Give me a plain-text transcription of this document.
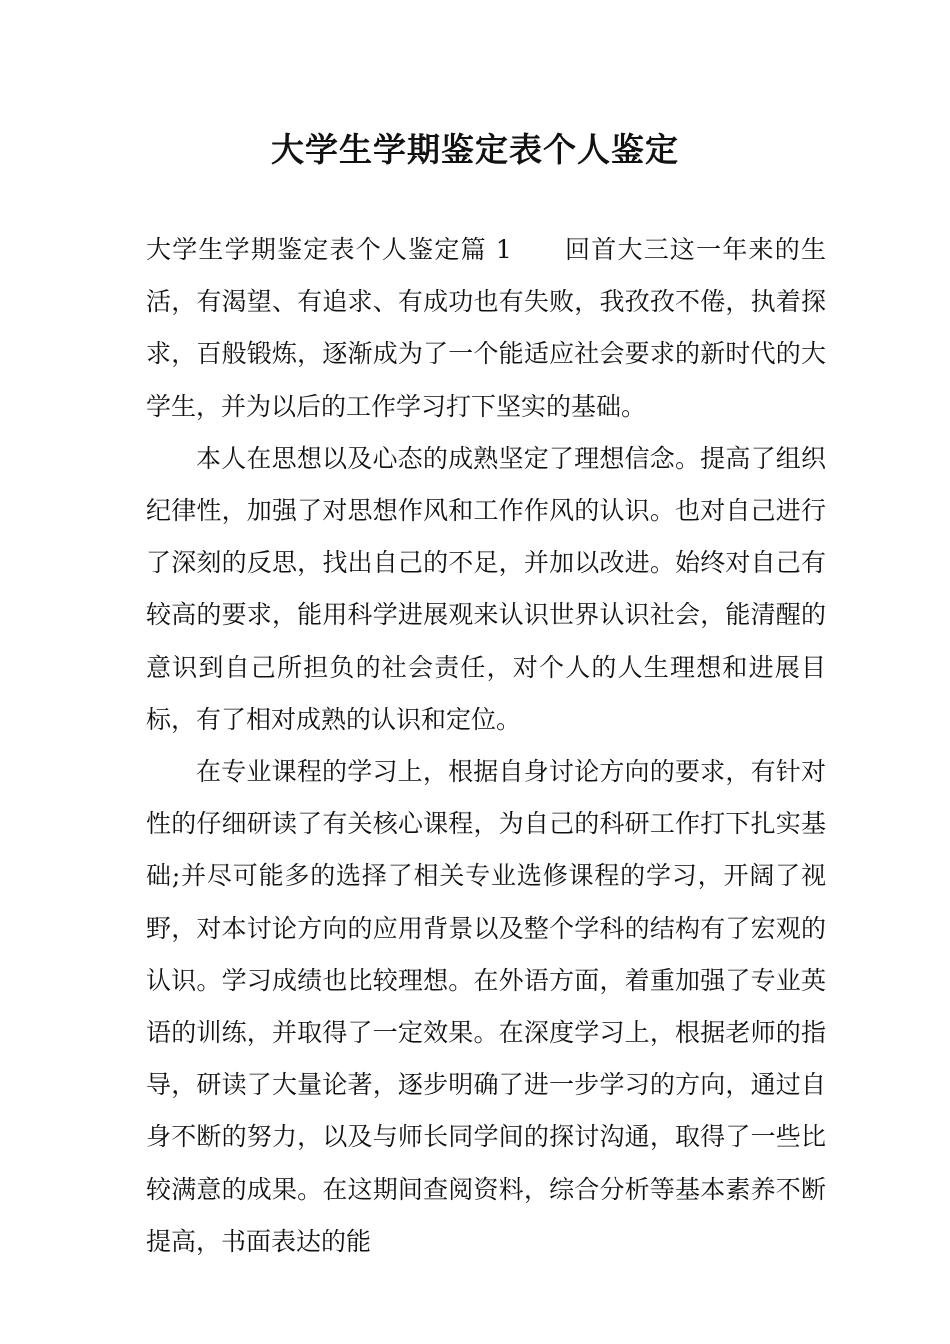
大学生学期鉴定表个人鉴定

大学生学期鉴定表个人鉴定篇 1 回首大三这一年来的生活，有渴望、有追求、有成功也有失败，我孜孜不倦，执着探求，百般锻炼，逐渐成为了一个能适应社会要求的新时代的大学生，并为以后的工作学习打下坚实的基础。

本人在思想以及心态的成熟坚定了理想信念。提高了组织纪律性，加强了对思想作风和工作作风的认识。也对自己进行了深刻的反思，找出自己的不足，并加以改进。始终对自己有较高的要求，能用科学进展观来认识世界认识社会，能清醒的意识到自己所担负的社会责任，对个人的人生理想和进展目标，有了相对成熟的认识和定位。

在专业课程的学习上，根据自身讨论方向的要求，有针对性的仔细研读了有关核心课程，为自己的科研工作打下扎实基础;并尽可能多的选择了相关专业选修课程的学习，开阔了视野，对本讨论方向的应用背景以及整个学科的结构有了宏观的认识。学习成绩也比较理想。在外语方面，着重加强了专业英语的训练，并取得了一定效果。在深度学习上，根据老师的指导，研读了大量论著，逐步明确了进一步学习的方向，通过自身不断的努力，以及与师长同学间的探讨沟通，取得了一些比较满意的成果。在这期间查阅资料，综合分析等基本素养不断提高，书面表达的能
